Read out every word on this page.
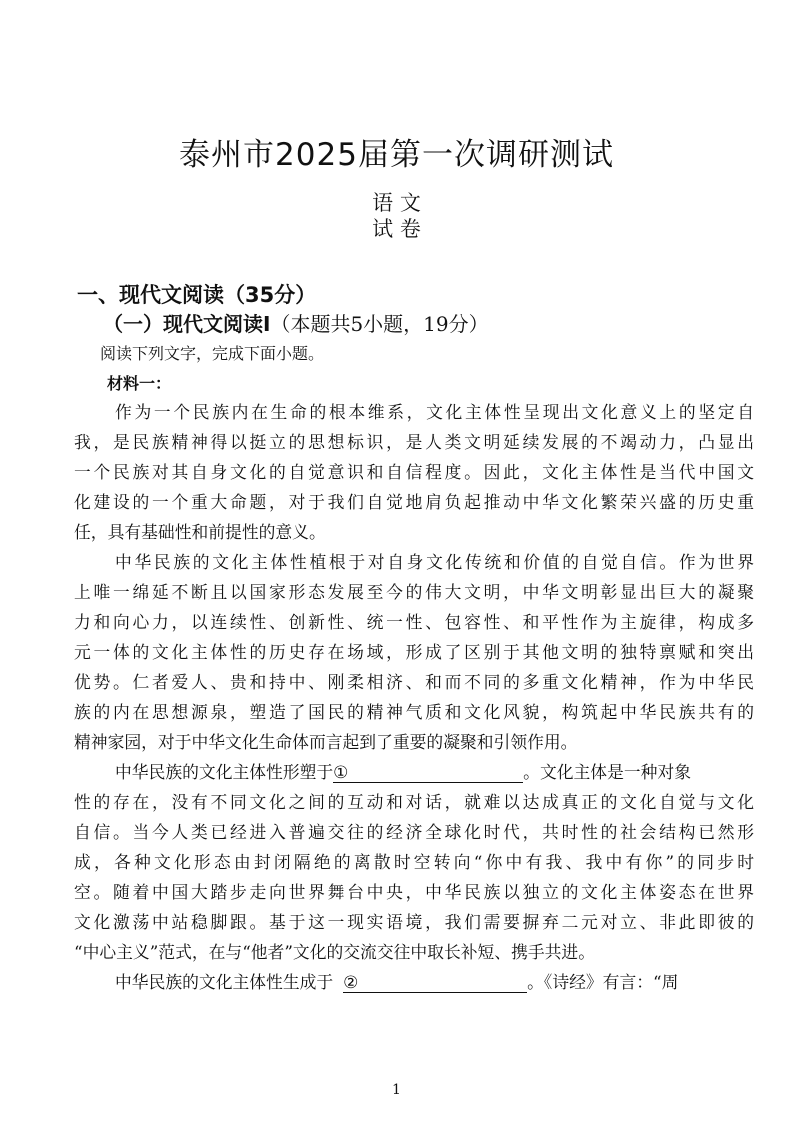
泰州市2025届第一次调研测试
语 文
试 卷
一、现代文阅读（35分）
（一）现代文阅读Ⅰ（本题共5小题，19分）
阅读下列文字，完成下面小题。
材料一：
作为一个民族内在生命的根本维系，文化主体性呈现出文化意义上的坚定自
我，是民族精神得以挺立的思想标识，是人类文明延续发展的不竭动力，凸显出
一个民族对其自身文化的自觉意识和自信程度。因此，文化主体性是当代中国文
化建设的一个重大命题，对于我们自觉地肩负起推动中华文化繁荣兴盛的历史重
任，具有基础性和前提性的意义。
中华民族的文化主体性植根于对自身文化传统和价值的自觉自信。作为世界
上唯一绵延不断且以国家形态发展至今的伟大文明，中华文明彰显出巨大的凝聚
力和向心力，以连续性、创新性、统一性、包容性、和平性作为主旋律，构成多
元一体的文化主体性的历史存在场域，形成了区别于其他文明的独特禀赋和突出
优势。仁者爱人、贵和持中、刚柔相济、和而不同的多重文化精神，作为中华民
族的内在思想源泉，塑造了国民的精神气质和文化风貌，构筑起中华民族共有的
精神家园，对于中华文化生命体而言起到了重要的凝聚和引领作用。
中华民族的文化主体性形塑于①	。文化主体是一种对象
性的存在，没有不同文化之间的互动和对话，就难以达成真正的文化自觉与文化
自信。当今人类已经进入普遍交往的经济全球化时代，共时性的社会结构已然形
成，各种文化形态由封闭隔绝的离散时空转向“你中有我、我中有你”的同步时
空。随着中国大踏步走向世界舞台中央，中华民族以独立的文化主体姿态在世界
文化激荡中站稳脚跟。基于这一现实语境，我们需要摒弃二元对立、非此即彼的
“中心主义”范式，在与“他者”文化的交流交往中取长补短、携手共进。
中华民族的文化主体性生成于 ②	。《诗经》有言：“周
1
